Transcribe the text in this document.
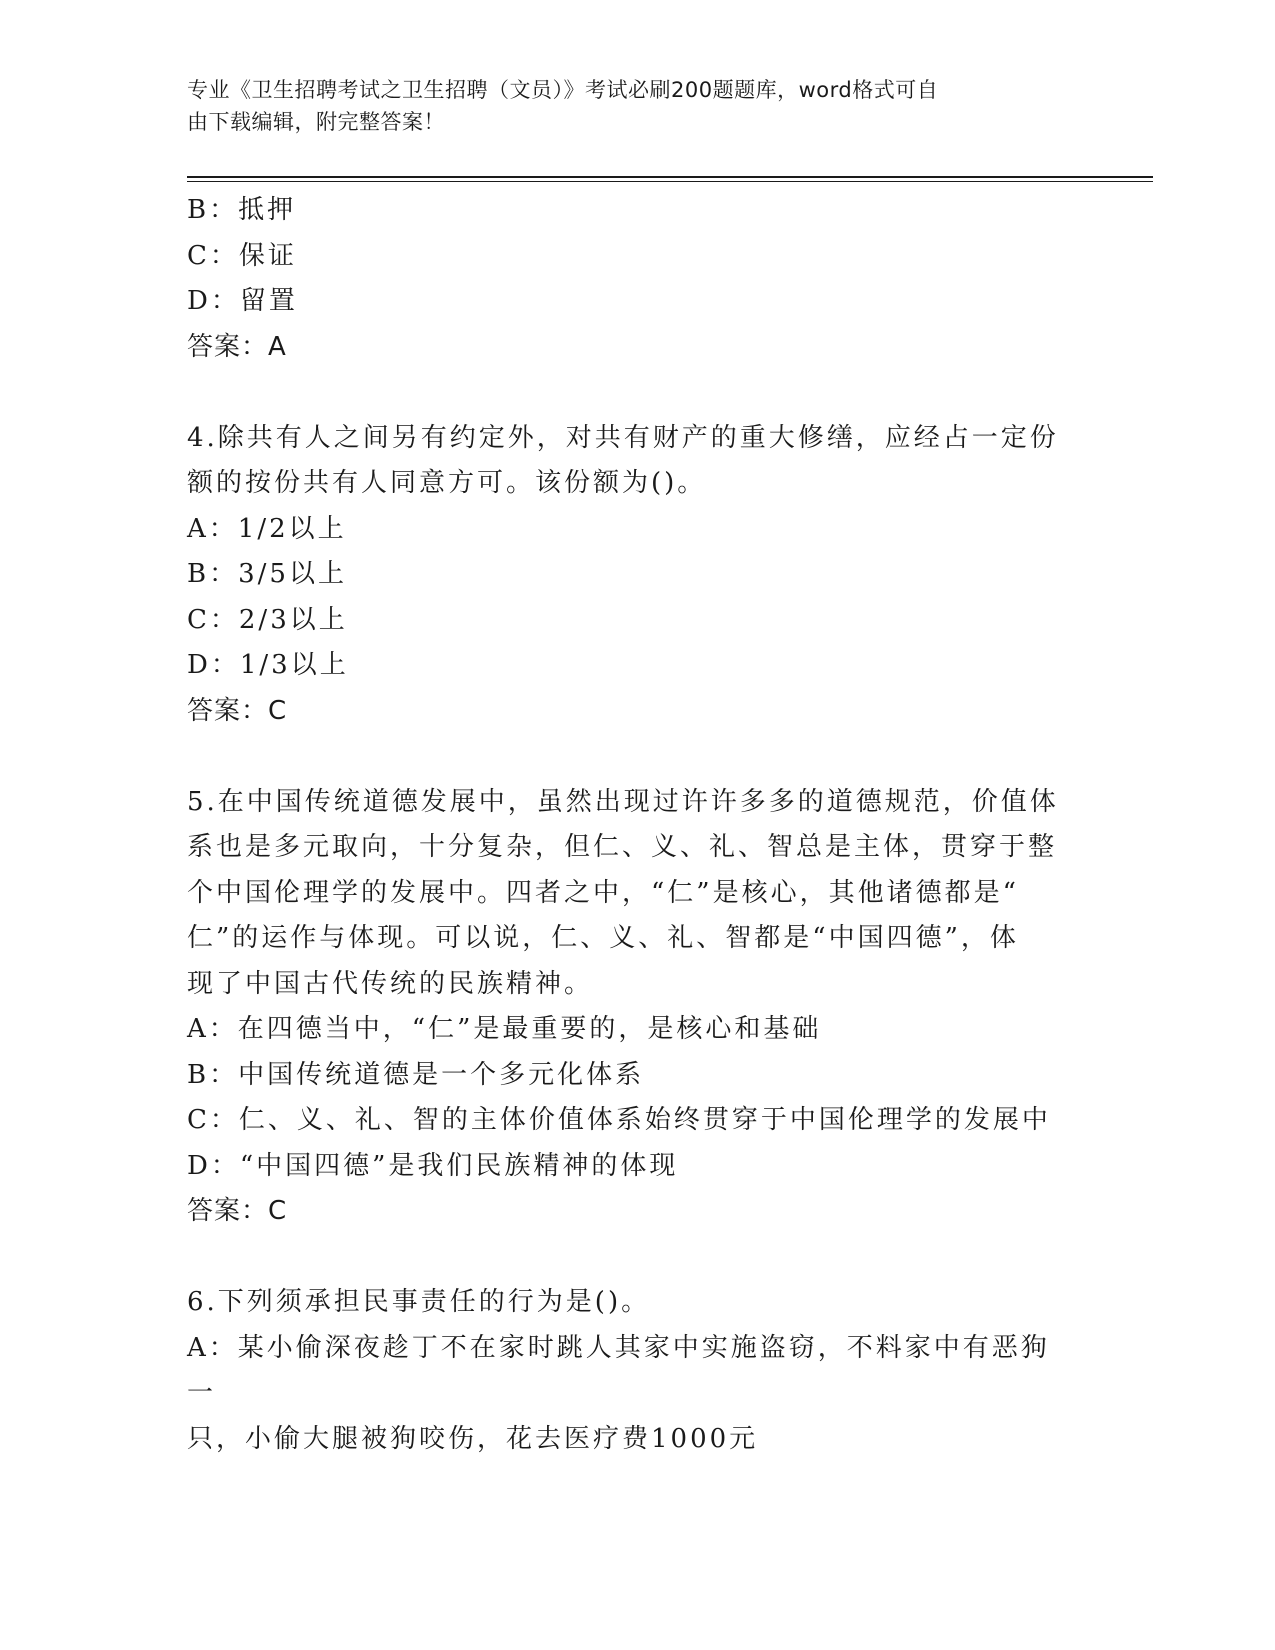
专业《卫生招聘考试之卫生招聘（文员）》考试必刷200题题库，word格式可自
由下载编辑，附完整答案！
B：抵押
C：保证
D：留置
答案：A
4.除共有人之间另有约定外，对共有财产的重大修缮，应经占一定份
额的按份共有人同意方可。该份额为()。
A：1/2以上
B：3/5以上
C：2/3以上
D：1/3以上
答案：C
5.在中国传统道德发展中，虽然出现过许许多多的道德规范，价值体
系也是多元取向，十分复杂，但仁、义、礼、智总是主体，贯穿于整
个中国伦理学的发展中。四者之中，“仁”是核心，其他诸德都是“
仁”的运作与体现。可以说，仁、义、礼、智都是“中国四德”，体
现了中国古代传统的民族精神。
A：在四德当中，“仁”是最重要的，是核心和基础
B：中国传统道德是一个多元化体系
C：仁、义、礼、智的主体价值体系始终贯穿于中国伦理学的发展中
D：“中国四德”是我们民族精神的体现
答案：C
6.下列须承担民事责任的行为是()。
A：某小偷深夜趁丁不在家时跳人其家中实施盗窃，不料家中有恶狗一
只，小偷大腿被狗咬伤，花去医疗费1000元
